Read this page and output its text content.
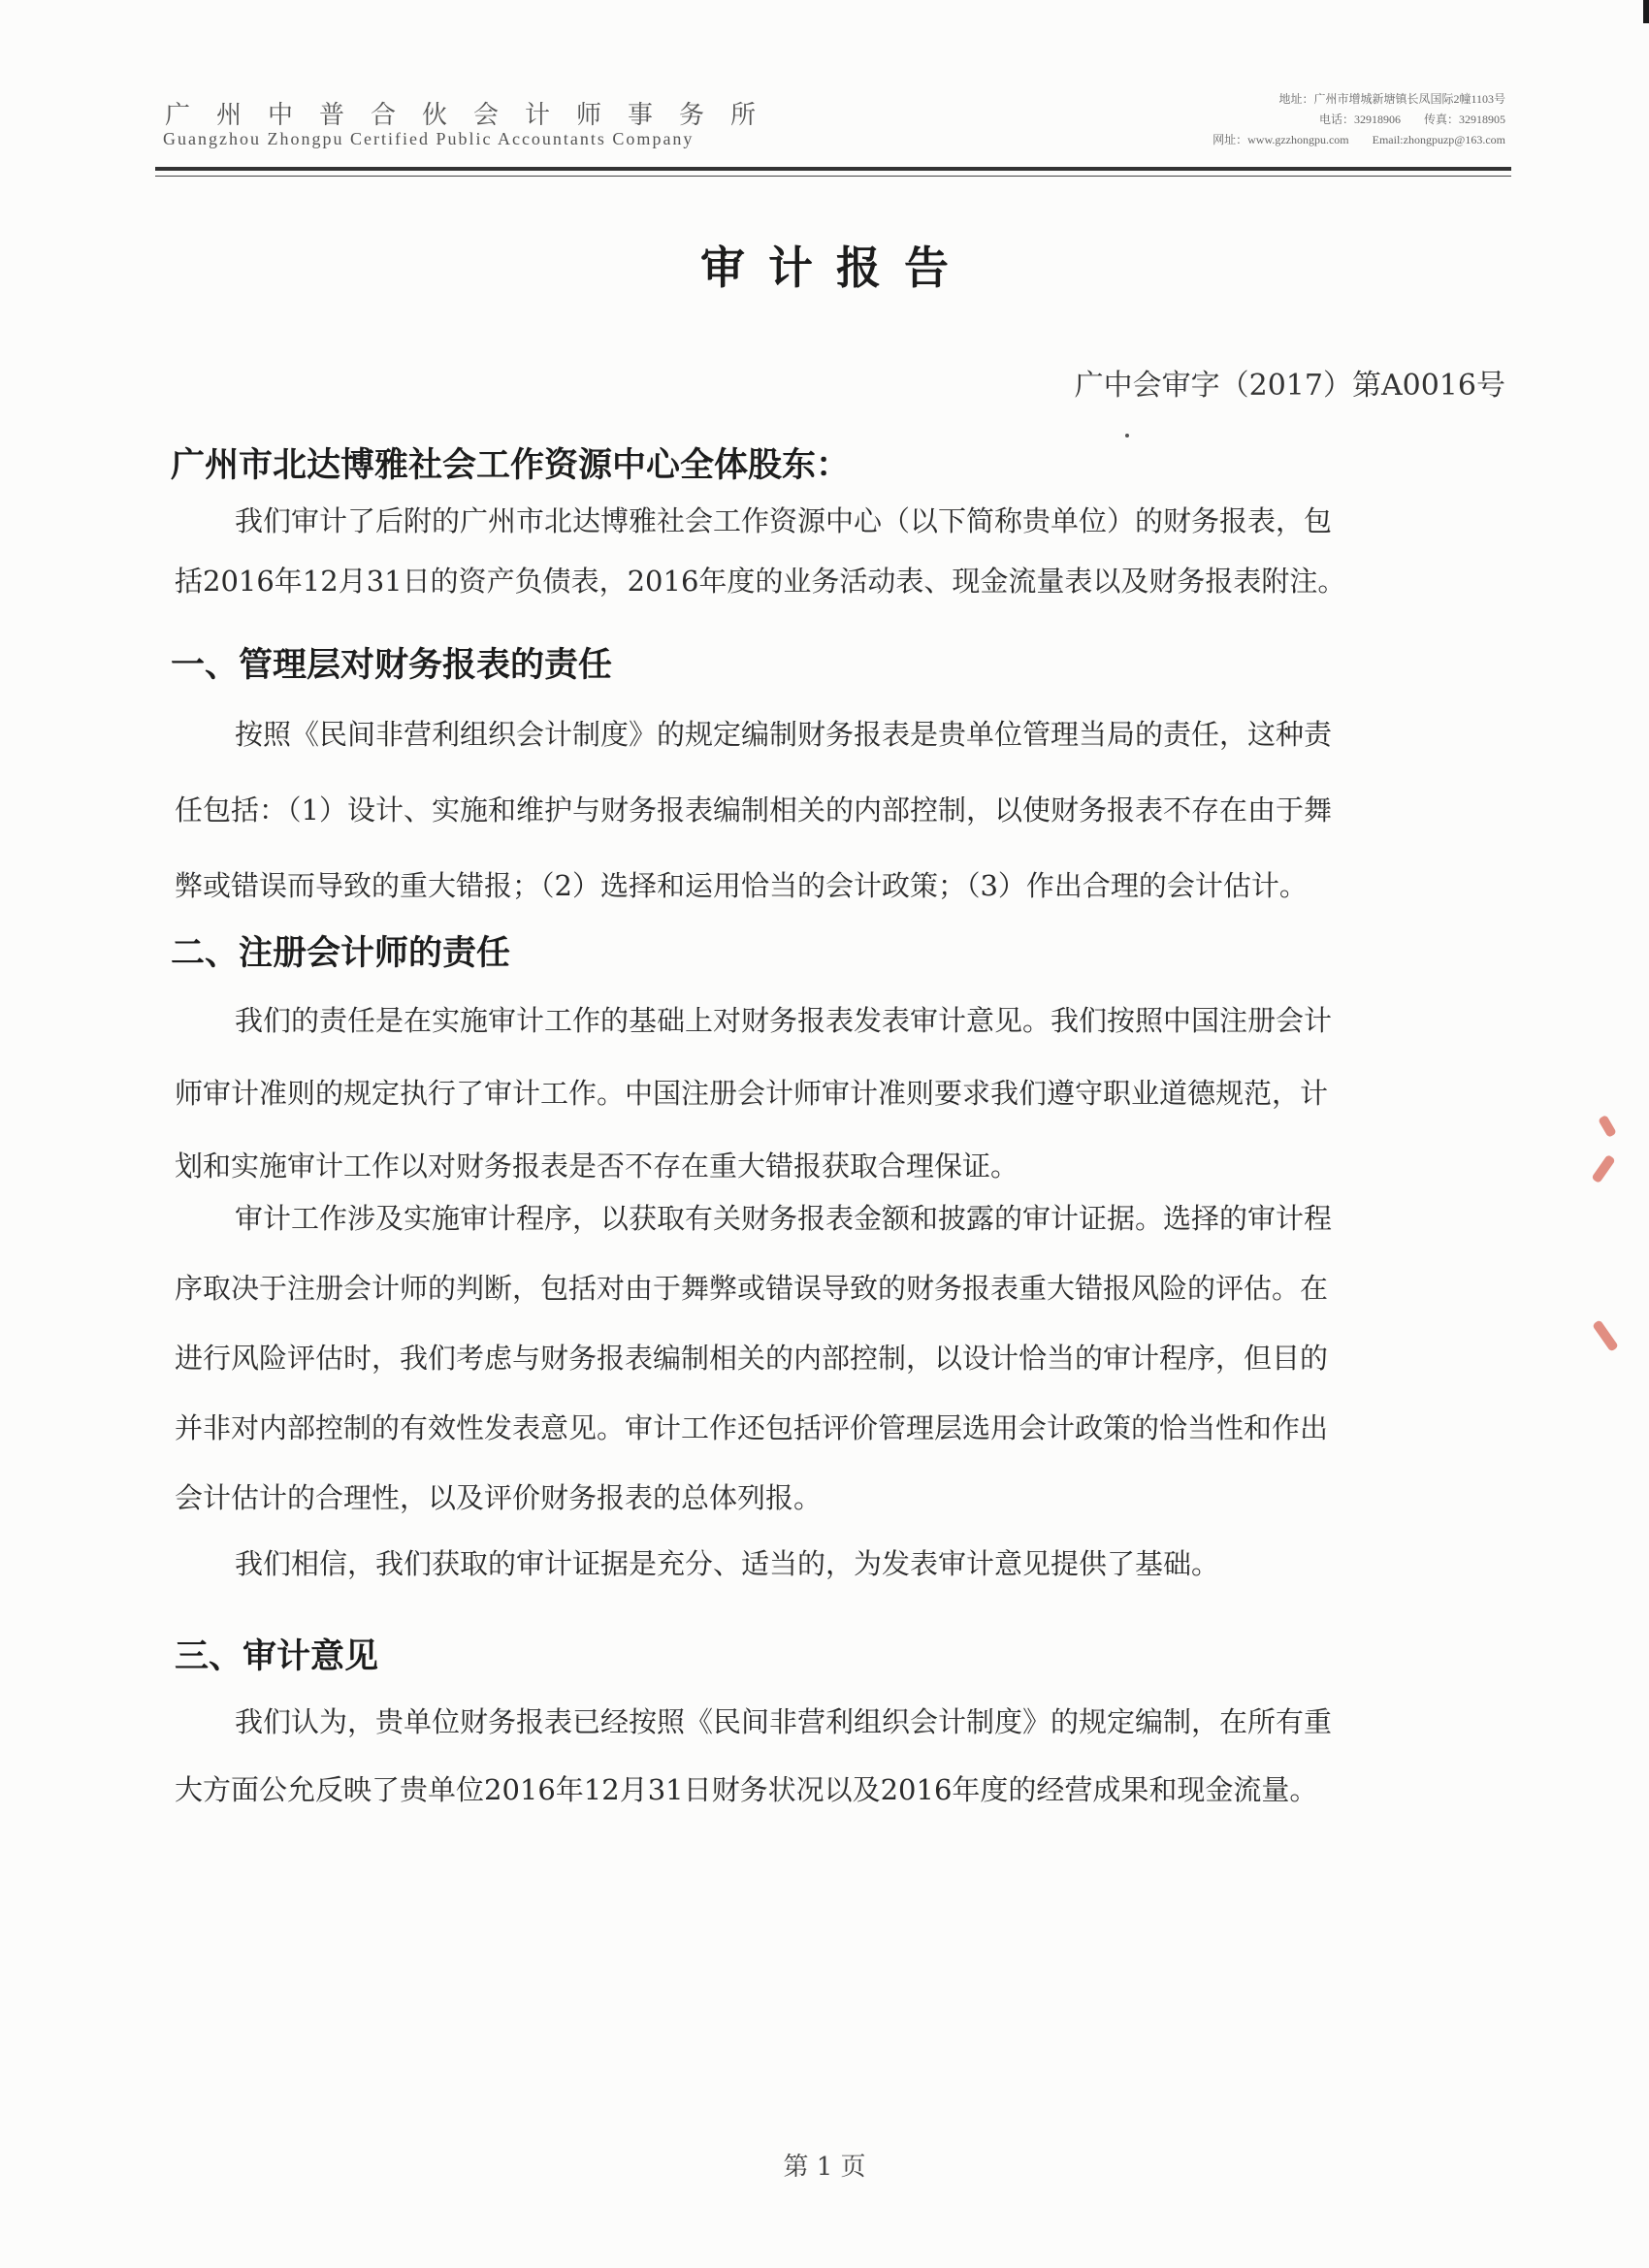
广州中普合伙会计师事务所
Guangzhou Zhongpu Certified Public Accountants Company
地址：广州市增城新塘镇长凤国际2幢1103号
电话：32918906　　传真：32918905
网址：www.gzzhongpu.com　　Email:zhongpuzp@163.com
审计报告
广中会审字（2017）第A0016号
广州市北达博雅社会工作资源中心全体股东：
我们审计了后附的广州市北达博雅社会工作资源中心（以下简称贵单位）的财务报表，包
括2016年12月31日的资产负债表，2016年度的业务活动表、现金流量表以及财务报表附注。
一、管理层对财务报表的责任
按照《民间非营利组织会计制度》的规定编制财务报表是贵单位管理当局的责任，这种责
任包括：（1）设计、实施和维护与财务报表编制相关的内部控制，以使财务报表不存在由于舞
弊或错误而导致的重大错报；（2）选择和运用恰当的会计政策；（3）作出合理的会计估计。
二、注册会计师的责任
我们的责任是在实施审计工作的基础上对财务报表发表审计意见。我们按照中国注册会计
师审计准则的规定执行了审计工作。中国注册会计师审计准则要求我们遵守职业道德规范，计
划和实施审计工作以对财务报表是否不存在重大错报获取合理保证。
审计工作涉及实施审计程序，以获取有关财务报表金额和披露的审计证据。选择的审计程
序取决于注册会计师的判断，包括对由于舞弊或错误导致的财务报表重大错报风险的评估。在
进行风险评估时，我们考虑与财务报表编制相关的内部控制，以设计恰当的审计程序，但目的
并非对内部控制的有效性发表意见。审计工作还包括评价管理层选用会计政策的恰当性和作出
会计估计的合理性，以及评价财务报表的总体列报。
我们相信，我们获取的审计证据是充分、适当的，为发表审计意见提供了基础。
三、审计意见
我们认为，贵单位财务报表已经按照《民间非营利组织会计制度》的规定编制，在所有重
大方面公允反映了贵单位2016年12月31日财务状况以及2016年度的经营成果和现金流量。
第 1 页
